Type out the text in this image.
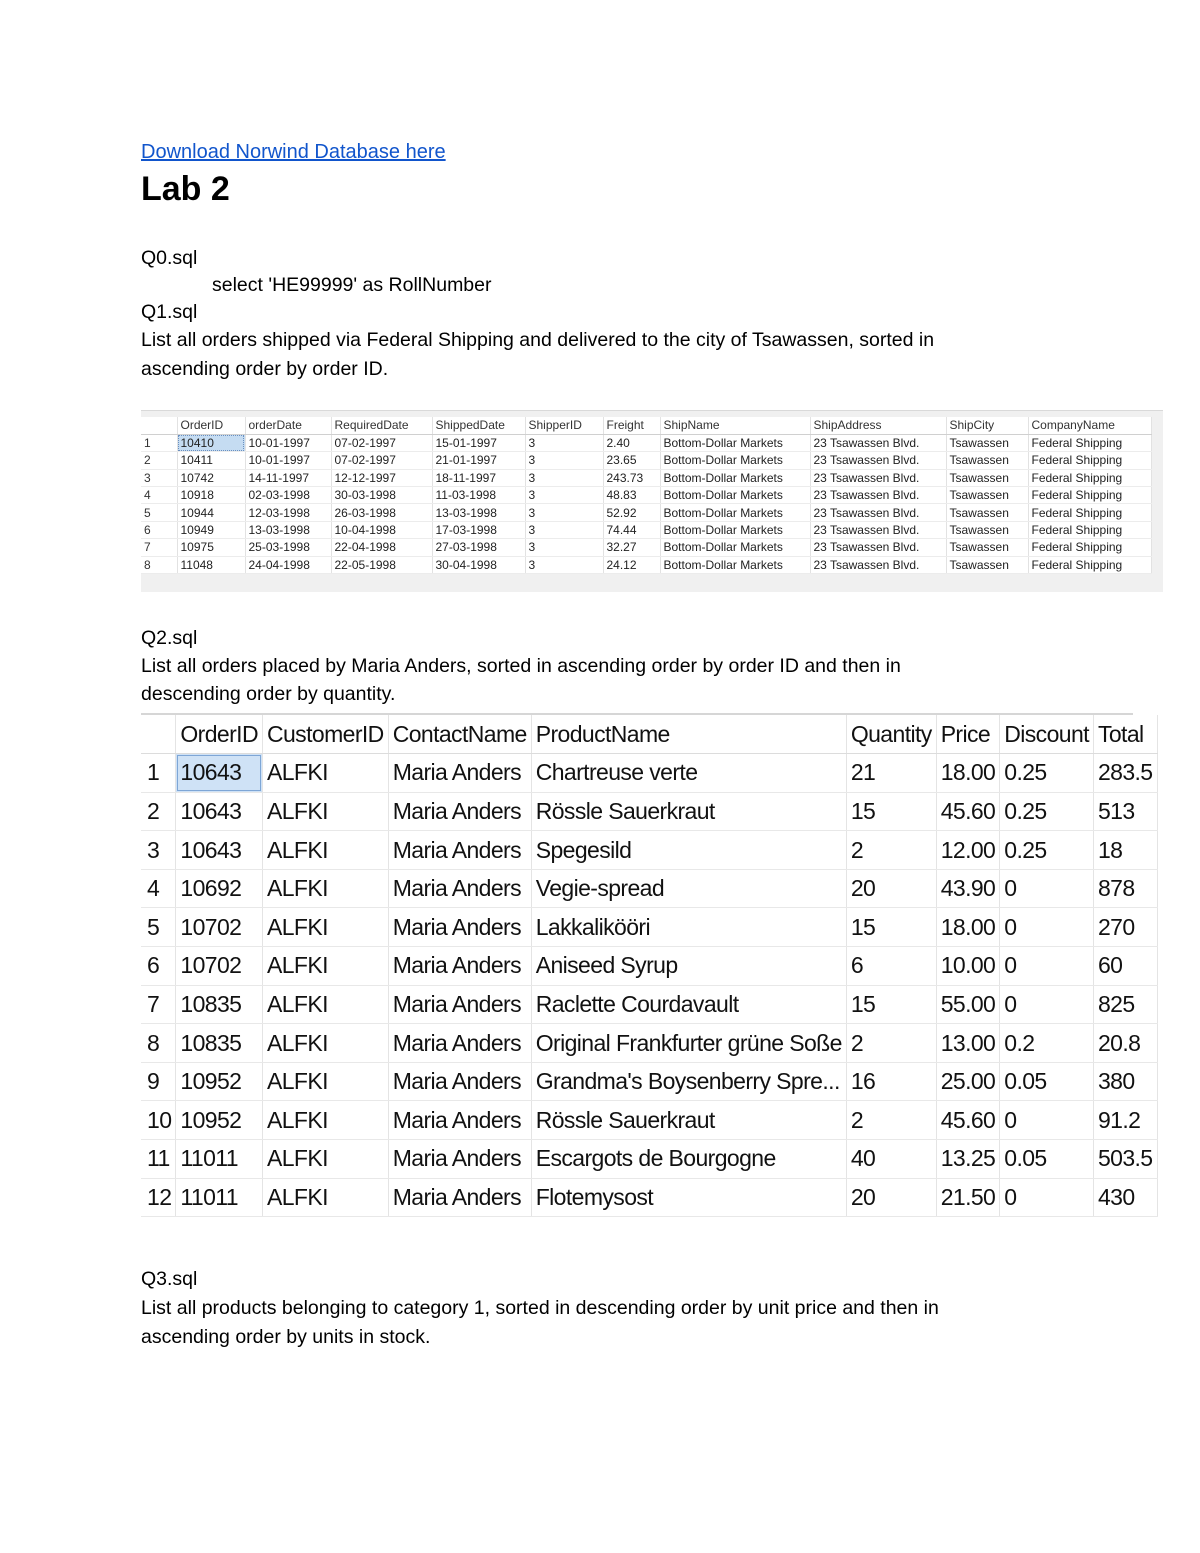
Download Norwind Database here
Lab 2
Q0.sql
select 'HE99999' as RollNumber
Q1.sql
List all orders shipped via Federal Shipping and delivered to the city of Tsawassen, sorted in
ascending order by order ID.
	OrderID	orderDate	RequiredDate	ShippedDate	ShipperID	Freight	ShipName	ShipAddress	ShipCity	CompanyName
1	10410	10-01-1997	07-02-1997	15-01-1997	3	2.40	Bottom-Dollar Markets	23 Tsawassen Blvd.	Tsawassen	Federal Shipping
2	10411	10-01-1997	07-02-1997	21-01-1997	3	23.65	Bottom-Dollar Markets	23 Tsawassen Blvd.	Tsawassen	Federal Shipping
3	10742	14-11-1997	12-12-1997	18-11-1997	3	243.73	Bottom-Dollar Markets	23 Tsawassen Blvd.	Tsawassen	Federal Shipping
4	10918	02-03-1998	30-03-1998	11-03-1998	3	48.83	Bottom-Dollar Markets	23 Tsawassen Blvd.	Tsawassen	Federal Shipping
5	10944	12-03-1998	26-03-1998	13-03-1998	3	52.92	Bottom-Dollar Markets	23 Tsawassen Blvd.	Tsawassen	Federal Shipping
6	10949	13-03-1998	10-04-1998	17-03-1998	3	74.44	Bottom-Dollar Markets	23 Tsawassen Blvd.	Tsawassen	Federal Shipping
7	10975	25-03-1998	22-04-1998	27-03-1998	3	32.27	Bottom-Dollar Markets	23 Tsawassen Blvd.	Tsawassen	Federal Shipping
8	11048	24-04-1998	22-05-1998	30-04-1998	3	24.12	Bottom-Dollar Markets	23 Tsawassen Blvd.	Tsawassen	Federal Shipping
Q2.sql
List all orders placed by Maria Anders, sorted in ascending order by order ID and then in
descending order by quantity.
	OrderID	CustomerID	ContactName	ProductName	Quantity	Price	Discount	Total
1	10643	ALFKI	Maria Anders	Chartreuse verte	21	18.00	0.25	283.5
2	10643	ALFKI	Maria Anders	Rössle Sauerkraut	15	45.60	0.25	513
3	10643	ALFKI	Maria Anders	Spegesild	2	12.00	0.25	18
4	10692	ALFKI	Maria Anders	Vegie-spread	20	43.90	0	878
5	10702	ALFKI	Maria Anders	Lakkalikööri	15	18.00	0	270
6	10702	ALFKI	Maria Anders	Aniseed Syrup	6	10.00	0	60
7	10835	ALFKI	Maria Anders	Raclette Courdavault	15	55.00	0	825
8	10835	ALFKI	Maria Anders	Original Frankfurter grüne Soße	2	13.00	0.2	20.8
9	10952	ALFKI	Maria Anders	Grandma's Boysenberry Spre...	16	25.00	0.05	380
10	10952	ALFKI	Maria Anders	Rössle Sauerkraut	2	45.60	0	91.2
11	11011	ALFKI	Maria Anders	Escargots de Bourgogne	40	13.25	0.05	503.5
12	11011	ALFKI	Maria Anders	Flotemysost	20	21.50	0	430
Q3.sql
List all products belonging to category 1, sorted in descending order by unit price and then in
ascending order by units in stock.
